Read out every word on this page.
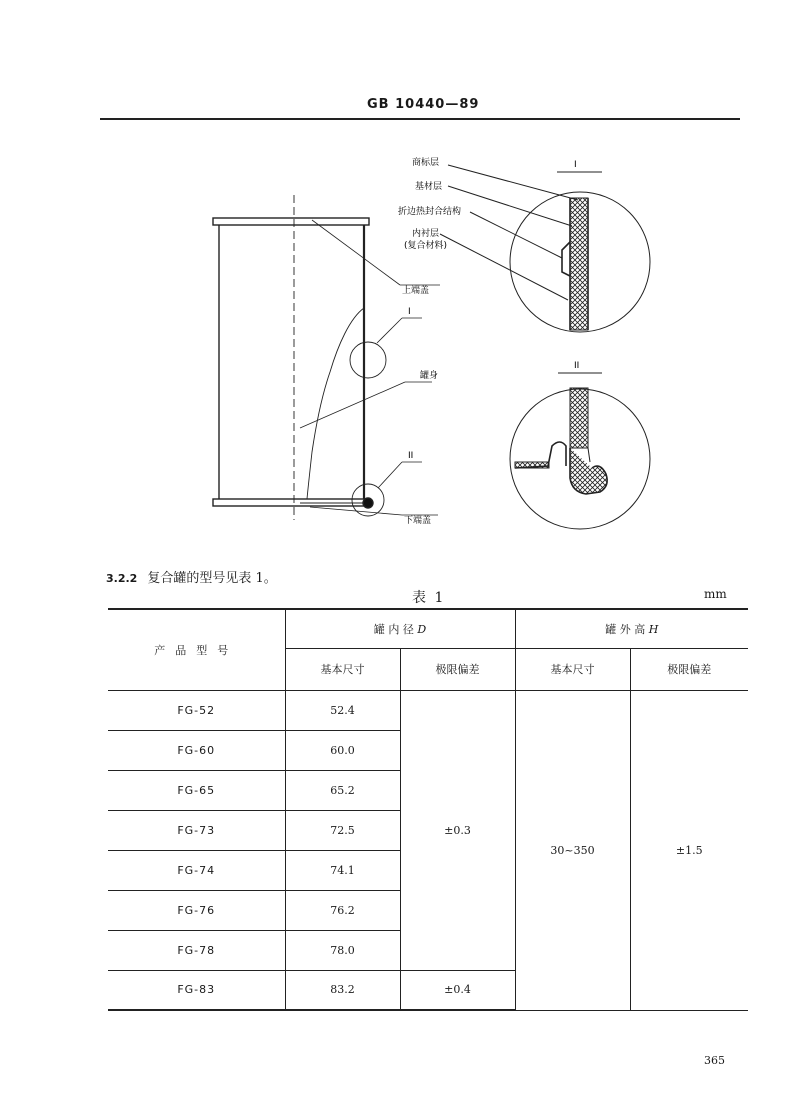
GB 10440—89
上端盖
I
罐身
II
下端盖
I
商标层
基材层
折边热封合结构
内衬层
(复合材料)
II
3.2.2 复合罐的型号见表 1。
表 1	mm
产品型号	罐 内 径 D		罐 外 高 H	
	基本尺寸	极限偏差	基本尺寸	极限偏差
FG-52	52.4	±0.3	30~350	±1.5
FG-60	60.0			
FG-65	65.2			
FG-73	72.5			
FG-74	74.1			
FG-76	76.2			
FG-78	78.0			
FG-83	83.2	±0.4		
365
